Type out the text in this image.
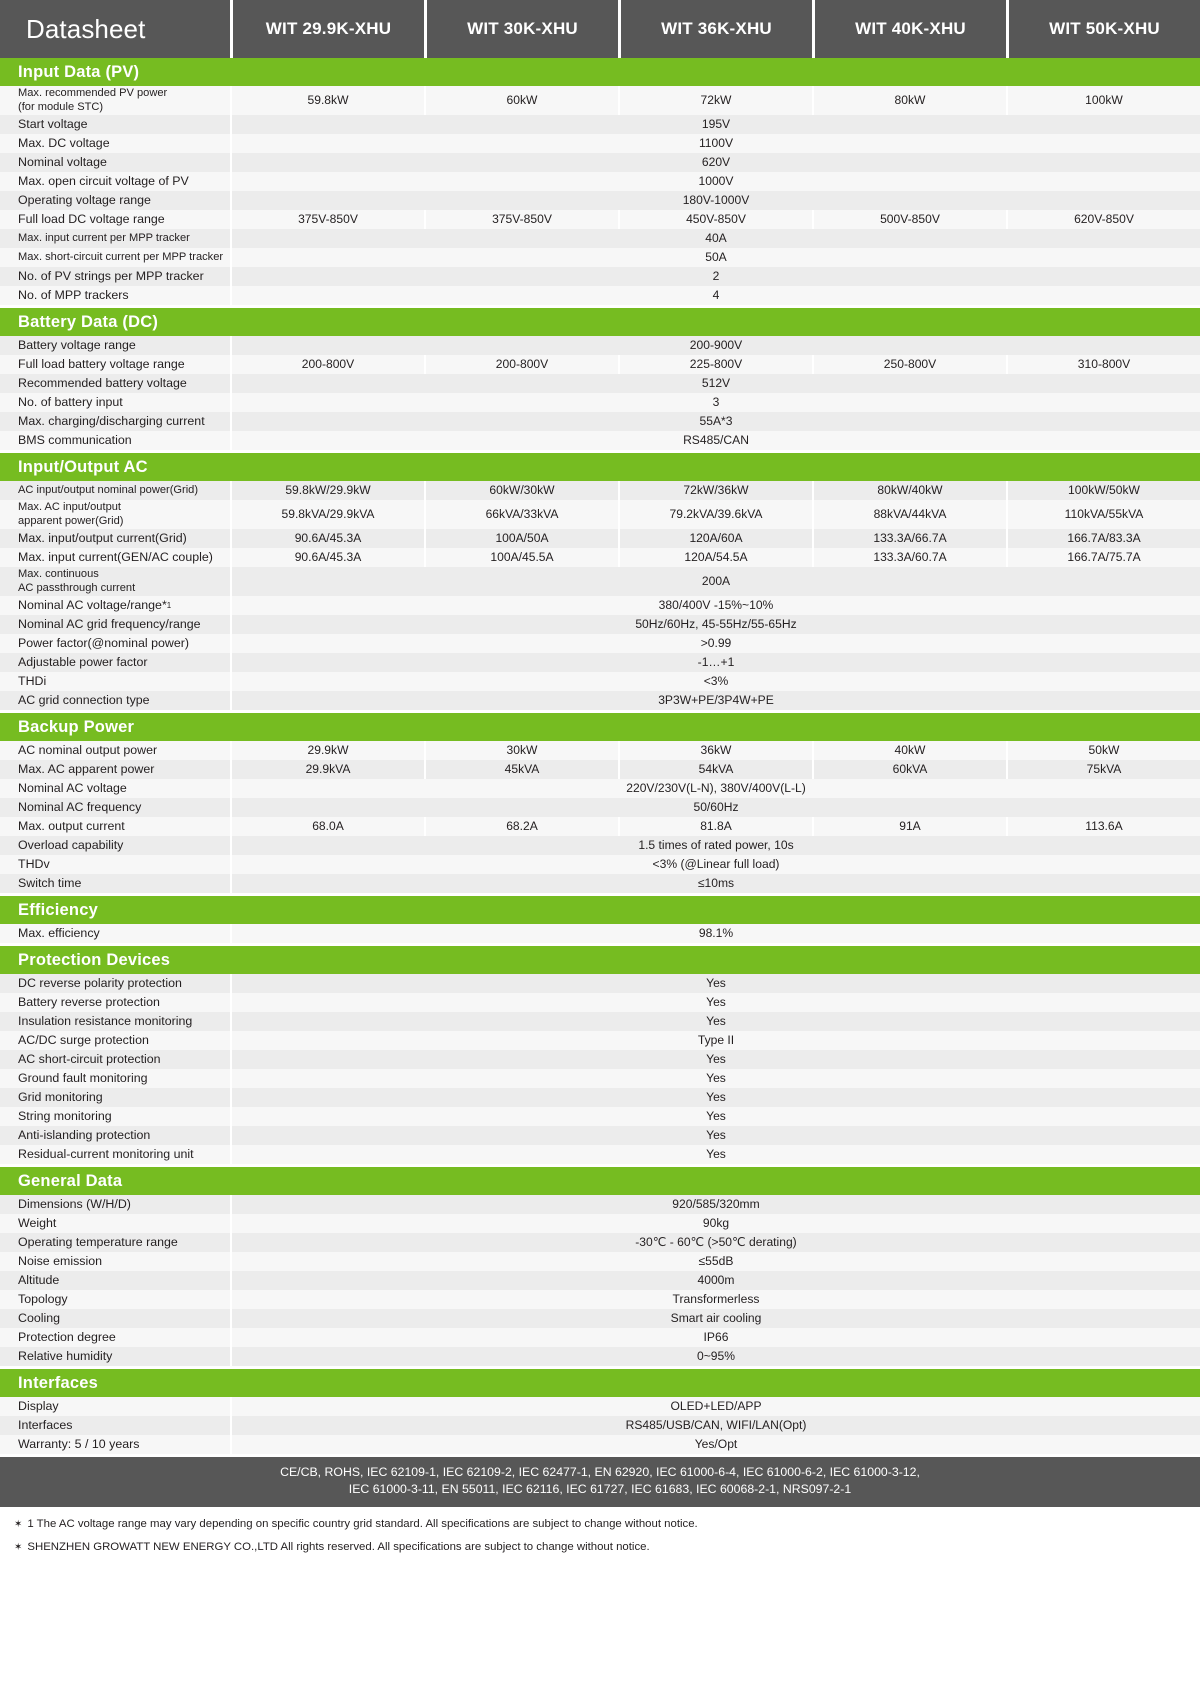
Datasheet	WIT 29.9K-XHU	WIT 30K-XHU	WIT 36K-XHU	WIT 40K-XHU	WIT 50K-XHU
Input Data (PV)
Max. recommended PV power
(for module STC)	59.8kW	60kW	72kW	80kW	100kW
Start voltage	195V
Max. DC voltage	1100V
Nominal voltage	620V
Max. open circuit voltage of PV	1000V
Operating voltage range	180V-1000V
Full load DC voltage range	375V-850V	375V-850V	450V-850V	500V-850V	620V-850V
Max. input current per MPP tracker	40A
Max. short-circuit current per MPP tracker	50A
No. of PV strings per MPP tracker	2
No. of MPP trackers	4
Battery Data (DC)
Battery voltage range	200-900V
Full load battery voltage range	200-800V	200-800V	225-800V	250-800V	310-800V
Recommended battery voltage	512V
No. of battery input	3
Max. charging/discharging current	55A*3
BMS communication	RS485/CAN
Input/Output AC
AC input/output nominal power(Grid)	59.8kW/29.9kW	60kW/30kW	72kW/36kW	80kW/40kW	100kW/50kW
Max. AC input/output
apparent power(Grid)	59.8kVA/29.9kVA	66kVA/33kVA	79.2kVA/39.6kVA	88kVA/44kVA	110kVA/55kVA
Max. input/output current(Grid)	90.6A/45.3A	100A/50A	120A/60A	133.3A/66.7A	166.7A/83.3A
Max. input current(GEN/AC couple)	90.6A/45.3A	100A/45.5A	120A/54.5A	133.3A/60.7A	166.7A/75.7A
Max. continuous
AC passthrough current	200A
Nominal AC voltage/range* 1	380/400V -15%~10%
Nominal AC grid frequency/range	50Hz/60Hz, 45-55Hz/55-65Hz
Power factor(@nominal power)	>0.99
Adjustable power factor	-1…+1
THDi	<3%
AC grid connection type	3P3W+PE/3P4W+PE
Backup Power
AC nominal output power	29.9kW	30kW	36kW	40kW	50kW
Max. AC apparent power	29.9kVA	45kVA	54kVA	60kVA	75kVA
Nominal AC voltage	220V/230V(L-N), 380V/400V(L-L)
Nominal AC frequency	50/60Hz
Max. output current	68.0A	68.2A	81.8A	91A	113.6A
Overload capability	1.5 times of rated power, 10s
THDv	<3% (@Linear full load)
Switch time	≤10ms
Efficiency
Max. efficiency	98.1%
Protection Devices
DC reverse polarity protection	Yes
Battery reverse protection	Yes
Insulation resistance monitoring	Yes
AC/DC surge protection	Type II
AC short-circuit protection	Yes
Ground fault monitoring	Yes
Grid monitoring	Yes
String monitoring	Yes
Anti-islanding protection	Yes
Residual-current monitoring unit	Yes
General Data
Dimensions (W/H/D)	920/585/320mm
Weight	90kg
Operating temperature range	-30℃ - 60℃ (>50℃ derating)
Noise emission	≤55dB
Altitude	4000m
Topology	Transformerless
Cooling	Smart air cooling
Protection degree	IP66
Relative humidity	0~95%
Interfaces
Display	OLED+LED/APP
Interfaces	RS485/USB/CAN, WIFI/LAN(Opt)
Warranty: 5 / 10 years	Yes/Opt
CE/CB, ROHS, IEC 62109-1, IEC 62109-2, IEC 62477-1, EN 62920, IEC 61000-6-4, IEC 61000-6-2, IEC 61000-3-12,
IEC 61000-3-11, EN 55011, IEC 62116, IEC 61727, IEC 61683, IEC 60068-2-1, NRS097-2-1
✶ 1 The AC voltage range may vary depending on specific country grid standard. All specifications are subject to change without notice.
✶ SHENZHEN GROWATT NEW ENERGY CO.,LTD All rights reserved. All specifications are subject to change without notice.
